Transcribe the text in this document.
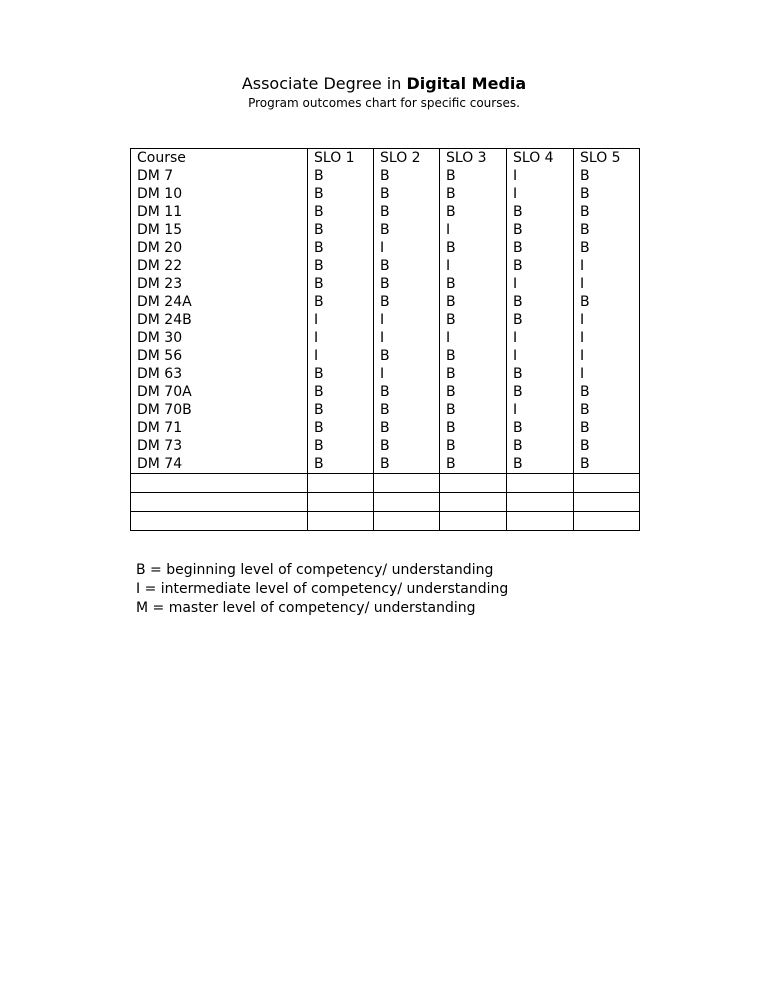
Associate Degree in Digital Media
Program outcomes chart for specific courses.
Course	SLO 1	SLO 2	SLO 3	SLO 4	SLO 5
DM 7	B	B	B	I	B
DM 10	B	B	B	I	B
DM 11	B	B	B	B	B
DM 15	B	B	I	B	B
DM 20	B	I	B	B	B
DM 22	B	B	I	B	I
DM 23	B	B	B	I	I
DM 24A	B	B	B	B	B
DM 24B	I	I	B	B	I
DM 30	I	I	I	I	I
DM 56	I	B	B	I	I
DM 63	B	I	B	B	I
DM 70A	B	B	B	B	B
DM 70B	B	B	B	I	B
DM 71	B	B	B	B	B
DM 73	B	B	B	B	B
DM 74	B	B	B	B	B

B = beginning level of competency/ understanding
I = intermediate level of competency/ understanding
M = master level of competency/ understanding
